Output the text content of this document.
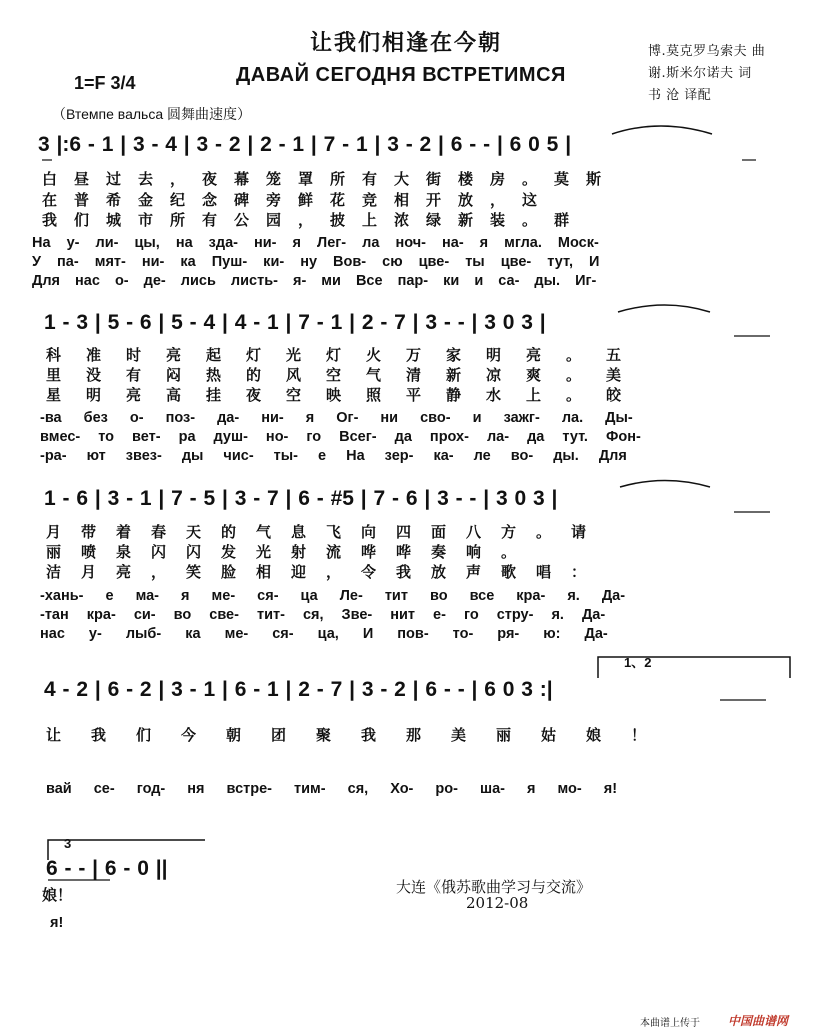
让我们相逢在今朝
ДАВАЙ СЕГОДНЯ ВСТРЕТИМСЯ
1=F 3/4
（Втемпе вальса 圆舞曲速度）
博.莫克罗乌索夫 曲
谢.斯米尔诺夫 词
书 沧 译配
3 |:6 - 1 | 3 - 4 | 3 - 2 | 2 - 1 | 7 - 1 | 3 - 2 | 6 - - | 6 0 5 |
白昼过去，夜幕笼罩所有大街楼房。莫斯
在普希金纪念碑旁鲜花竞相开放，这
我们城市所有公园，披上浓绿新装。群
На у- ли- цы, на зда- ни- я Лег- ла ноч- на- я мгла. Моск-
У па- мят- ни- ка Пуш- ки- ну Вов- сю цве- ты цве- тут, И
Для нас о- де- лись листь- я- ми Все пар- ки и са- ды. Иг-
1 - 3 | 5 - 6 | 5 - 4 | 4 - 1 | 7 - 1 | 2 - 7 | 3 - - | 3 0 3 |
科准时亮起灯光灯火万家明亮。五
里没有闷热的风空气清新凉爽。美
星明亮高挂夜空映照平静水上。皎
-ва без о- поз- да- ни- я Ог- ни сво- и зажг- ла. Ды-
вмес- то вет- ра душ- но- го Всег- да прох- ла- да тут. Фон-
-ра- ют звез- ды чис- ты- е На зер- ка- ле во- ды. Для
1 - 6 | 3 - 1 | 7 - 5 | 3 - 7 | 6 - #5 | 7 - 6 | 3 - - | 3 0 3 |
月带着春天的气息飞向四面八方。请
丽喷泉闪闪发光射流哗哗奏响。
洁月亮，笑脸相迎，令我放声歌唱：
-хань- е ма- я ме- ся- ца Ле- тит во все кра- я. Да-
-тан кра- си- во све- тит- ся, Зве- нит е- го стру- я. Да-
нас у- лыб- ка ме- ся- ца, И пов- то- ря- ю: Да-
1、2
4 - 2 | 6 - 2 | 3 - 1 | 6 - 1 | 2 - 7 | 3 - 2 | 6 - - | 6 0 3 :|
让我们今朝团聚我那美丽姑娘！
вай се- год- ня встре- тим- ся, Хо- ро- ша- я мо- я!
3
6 - - | 6 - 0 ||
娘！
я!
大连《俄苏歌曲学习与交流》
2012-08
本曲谱上传于 中国曲谱网
